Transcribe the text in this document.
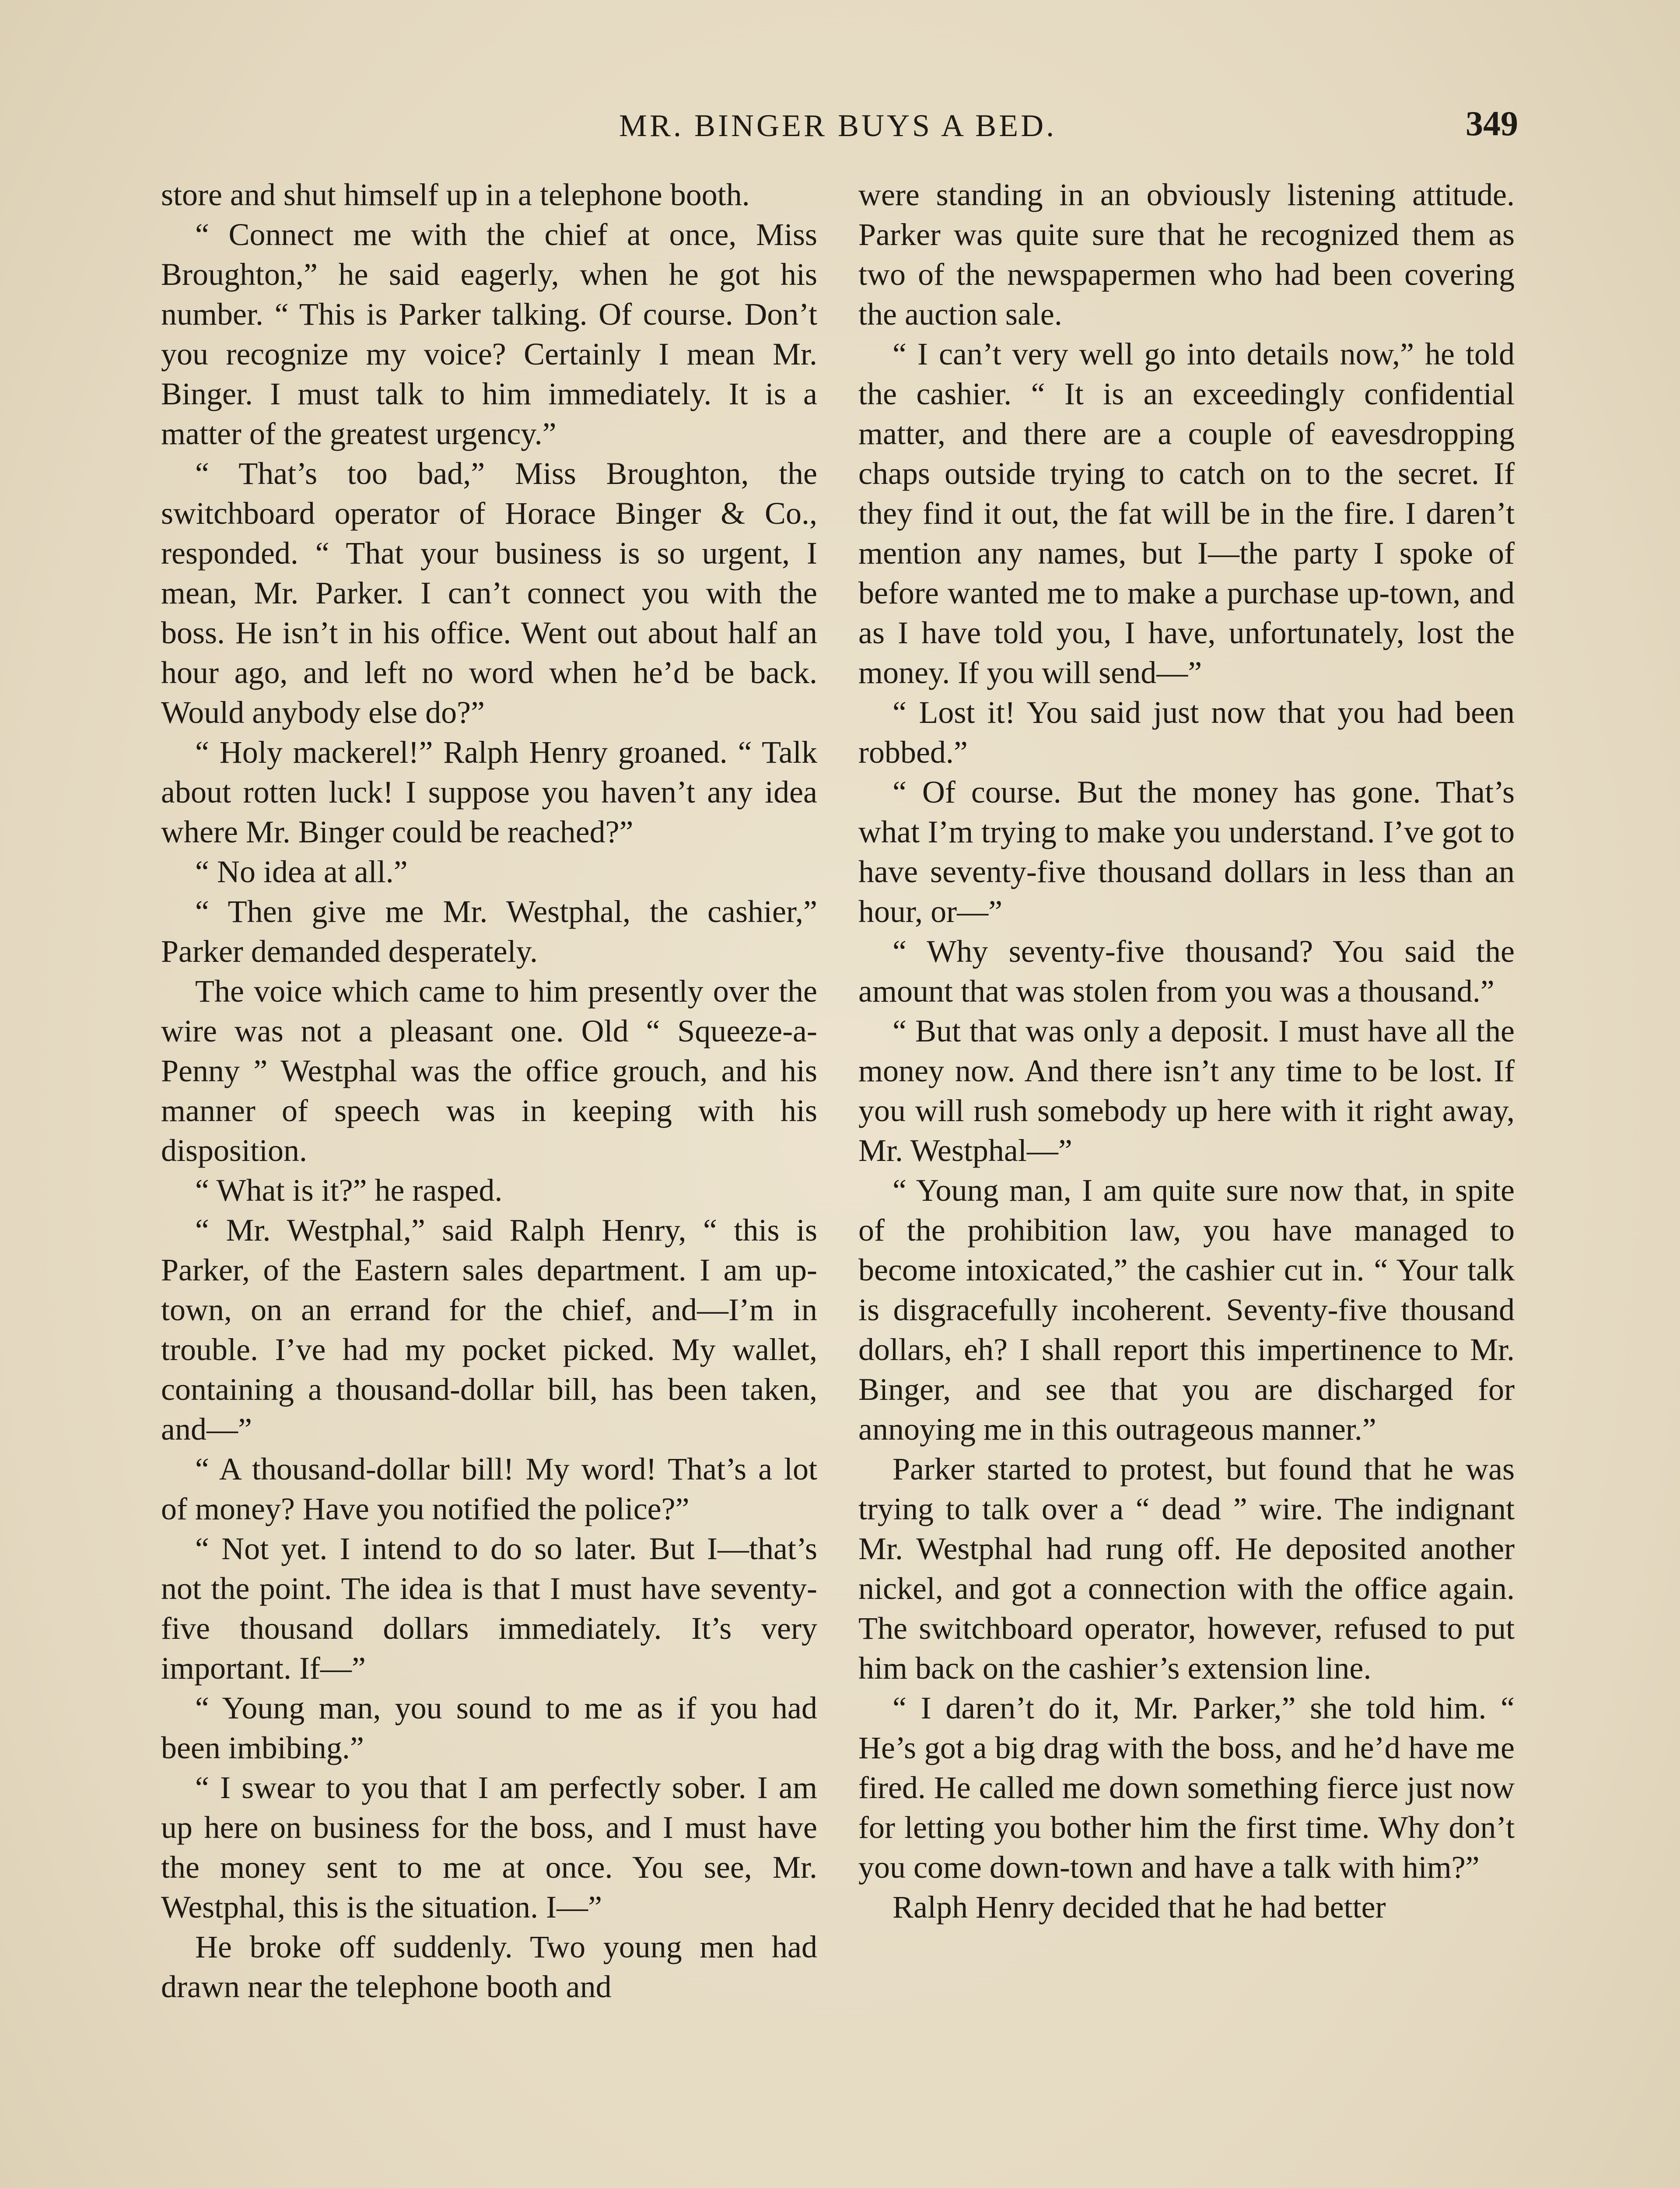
MR. BINGER BUYS A BED.	349

store and shut himself up in a telephone booth.

“ Connect me with the chief at once, Miss Broughton,” he said eagerly, when he got his number. “ This is Parker talking. Of course. Don’t you recognize my voice? Certainly I mean Mr. Binger. I must talk to him immediately. It is a matter of the greatest urgency.”

“ That’s too bad,” Miss Broughton, the switchboard operator of Horace Binger & Co., responded. “ That your business is so urgent, I mean, Mr. Parker. I can’t connect you with the boss. He isn’t in his office. Went out about half an hour ago, and left no word when he’d be back. Would anybody else do?”

“ Holy mackerel!” Ralph Henry groaned. “ Talk about rotten luck! I suppose you haven’t any idea where Mr. Binger could be reached?”

“ No idea at all.”

“ Then give me Mr. Westphal, the cashier,” Parker demanded desperately.

The voice which came to him presently over the wire was not a pleasant one. Old “ Squeeze-a-Penny ” Westphal was the office grouch, and his manner of speech was in keeping with his disposition.

“ What is it?” he rasped.

“ Mr. Westphal,” said Ralph Henry, “ this is Parker, of the Eastern sales department. I am up-town, on an errand for the chief, and—I’m in trouble. I’ve had my pocket picked. My wallet, containing a thousand-dollar bill, has been taken, and—”

“ A thousand-dollar bill! My word! That’s a lot of money? Have you notified the police?”

“ Not yet. I intend to do so later. But I—that’s not the point. The idea is that I must have seventy-five thousand dollars immediately. It’s very important. If—”

“ Young man, you sound to me as if you had been imbibing.”

“ I swear to you that I am perfectly sober. I am up here on business for the boss, and I must have the money sent to me at once. You see, Mr. Westphal, this is the situation. I—”

He broke off suddenly. Two young men had drawn near the telephone booth and

were standing in an obviously listening attitude. Parker was quite sure that he recognized them as two of the newspapermen who had been covering the auction sale.

“ I can’t very well go into details now,” he told the cashier. “ It is an exceedingly confidential matter, and there are a couple of eavesdropping chaps outside trying to catch on to the secret. If they find it out, the fat will be in the fire. I daren’t mention any names, but I—the party I spoke of before wanted me to make a purchase up-town, and as I have told you, I have, unfortunately, lost the money. If you will send—”

“ Lost it! You said just now that you had been robbed.”

“ Of course. But the money has gone. That’s what I’m trying to make you understand. I’ve got to have seventy-five thousand dollars in less than an hour, or—”

“ Why seventy-five thousand? You said the amount that was stolen from you was a thousand.”

“ But that was only a deposit. I must have all the money now. And there isn’t any time to be lost. If you will rush somebody up here with it right away, Mr. Westphal—”

“ Young man, I am quite sure now that, in spite of the prohibition law, you have managed to become intoxicated,” the cashier cut in. “ Your talk is disgracefully incoherent. Seventy-five thousand dollars, eh? I shall report this impertinence to Mr. Binger, and see that you are discharged for annoying me in this outrageous manner.”

Parker started to protest, but found that he was trying to talk over a “ dead ” wire. The indignant Mr. Westphal had rung off. He deposited another nickel, and got a connection with the office again. The switchboard operator, however, refused to put him back on the cashier’s extension line.

“ I daren’t do it, Mr. Parker,” she told him. “ He’s got a big drag with the boss, and he’d have me fired. He called me down something fierce just now for letting you bother him the first time. Why don’t you come down-town and have a talk with him?”

Ralph Henry decided that he had better
